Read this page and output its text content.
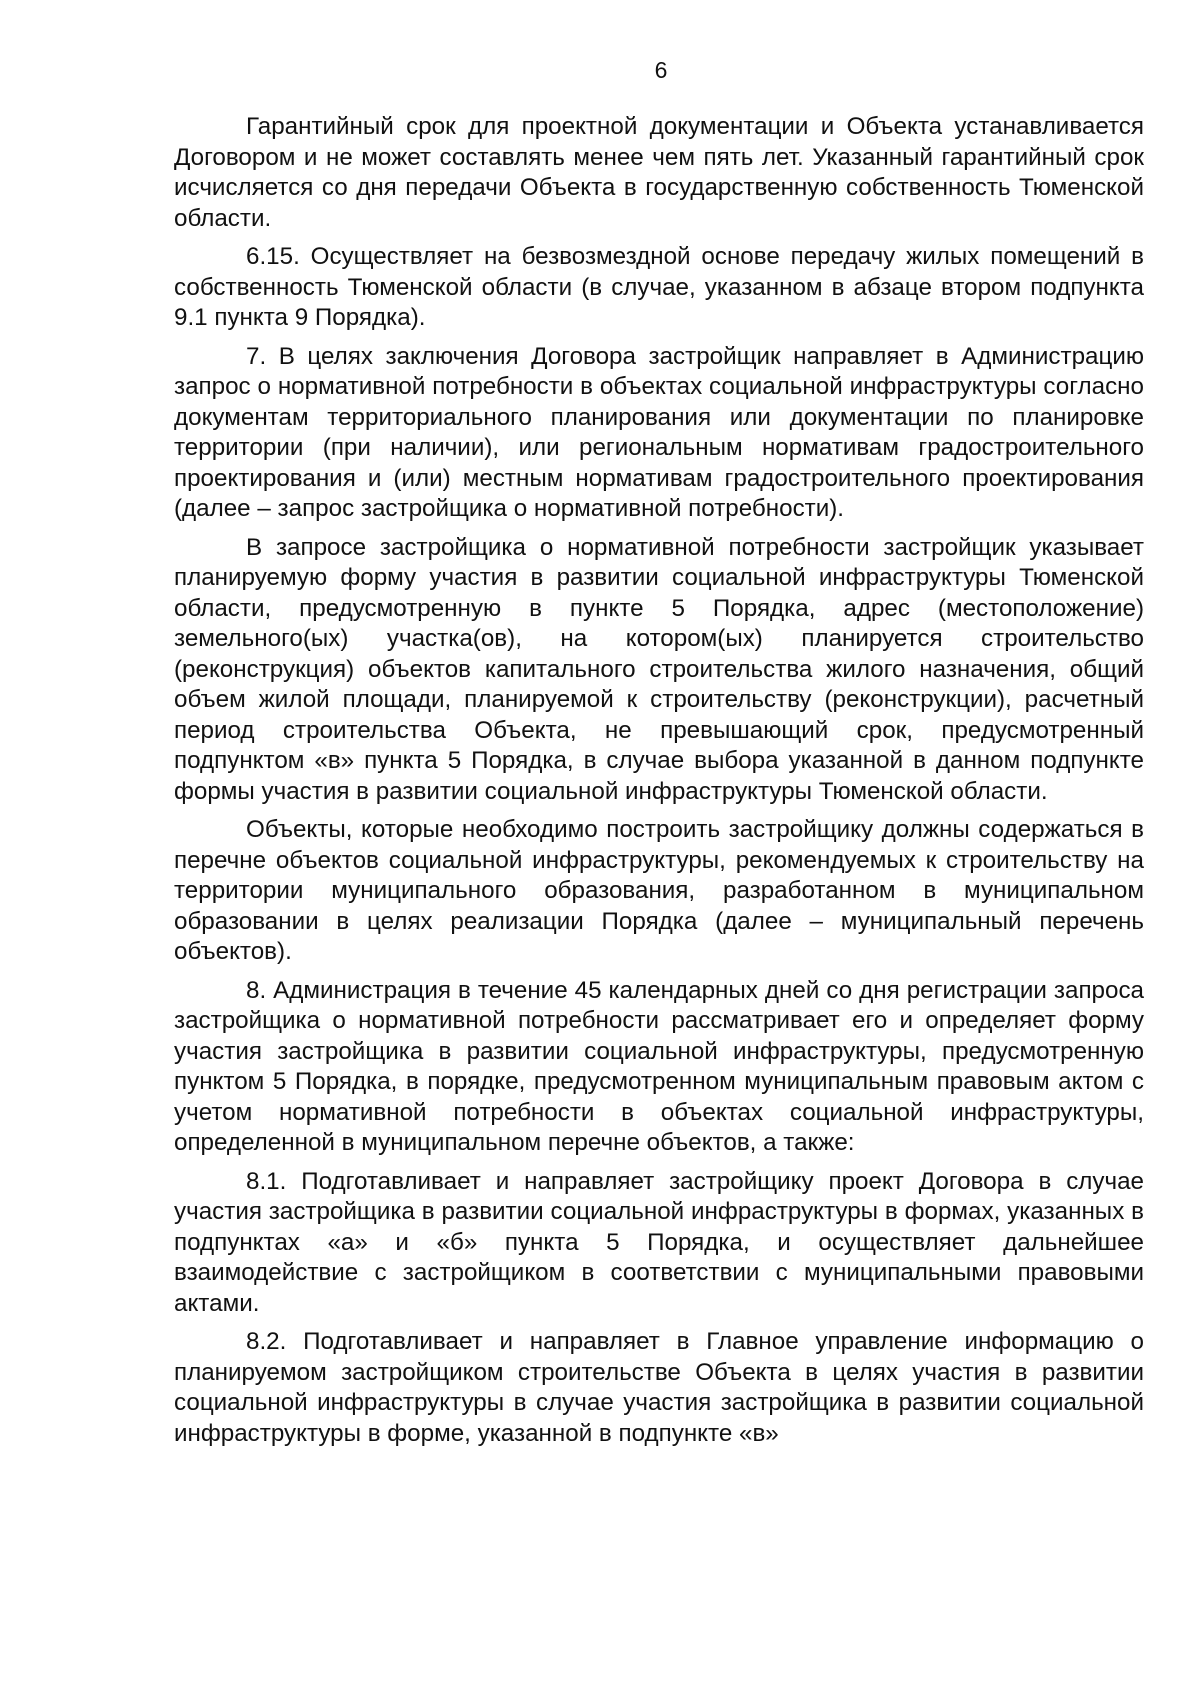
6

Гарантийный срок для проектной документации и Объекта устанавливается Договором и не может составлять менее чем пять лет. Указанный гарантийный срок исчисляется со дня передачи Объекта в государственную собственность Тюменской области.

6.15. Осуществляет на безвозмездной основе передачу жилых помещений в собственность Тюменской области (в случае, указанном в абзаце втором подпункта 9.1 пункта 9 Порядка).

7. В целях заключения Договора застройщик направляет в Администрацию запрос о нормативной потребности в объектах социальной инфраструктуры согласно документам территориального планирования или документации по планировке территории (при наличии), или региональным нормативам градостроительного проектирования и (или) местным нормативам градостроительного проектирования (далее – запрос застройщика о нормативной потребности).

В запросе застройщика о нормативной потребности застройщик указывает планируемую форму участия в развитии социальной инфраструктуры Тюменской области, предусмотренную в пункте 5 Порядка, адрес (местоположение) земельного(ых) участка(ов), на котором(ых) планируется строительство (реконструкция) объектов капитального строительства жилого назначения, общий объем жилой площади, планируемой к строительству (реконструкции), расчетный период строительства Объекта, не превышающий срок, предусмотренный подпунктом «в» пункта 5 Порядка, в случае выбора указанной в данном подпункте формы участия в развитии социальной инфраструктуры Тюменской области.

Объекты, которые необходимо построить застройщику должны содержаться в перечне объектов социальной инфраструктуры, рекомендуемых к строительству на территории муниципального образования, разработанном в муниципальном образовании в целях реализации Порядка (далее – муниципальный перечень объектов).

8. Администрация в течение 45 календарных дней со дня регистрации запроса застройщика о нормативной потребности рассматривает его и определяет форму участия застройщика в развитии социальной инфраструктуры, предусмотренную пунктом 5 Порядка, в порядке, предусмотренном муниципальным правовым актом с учетом нормативной потребности в объектах социальной инфраструктуры, определенной в муниципальном перечне объектов, а также:

8.1. Подготавливает и направляет застройщику проект Договора в случае участия застройщика в развитии социальной инфраструктуры в формах, указанных в подпунктах «а» и «б» пункта 5 Порядка, и осуществляет дальнейшее взаимодействие с застройщиком в соответствии с муниципальными правовыми актами.

8.2. Подготавливает и направляет в Главное управление информацию о планируемом застройщиком строительстве Объекта в целях участия в развитии социальной инфраструктуры в случае участия застройщика в развитии социальной инфраструктуры в форме, указанной в подпункте «в»
